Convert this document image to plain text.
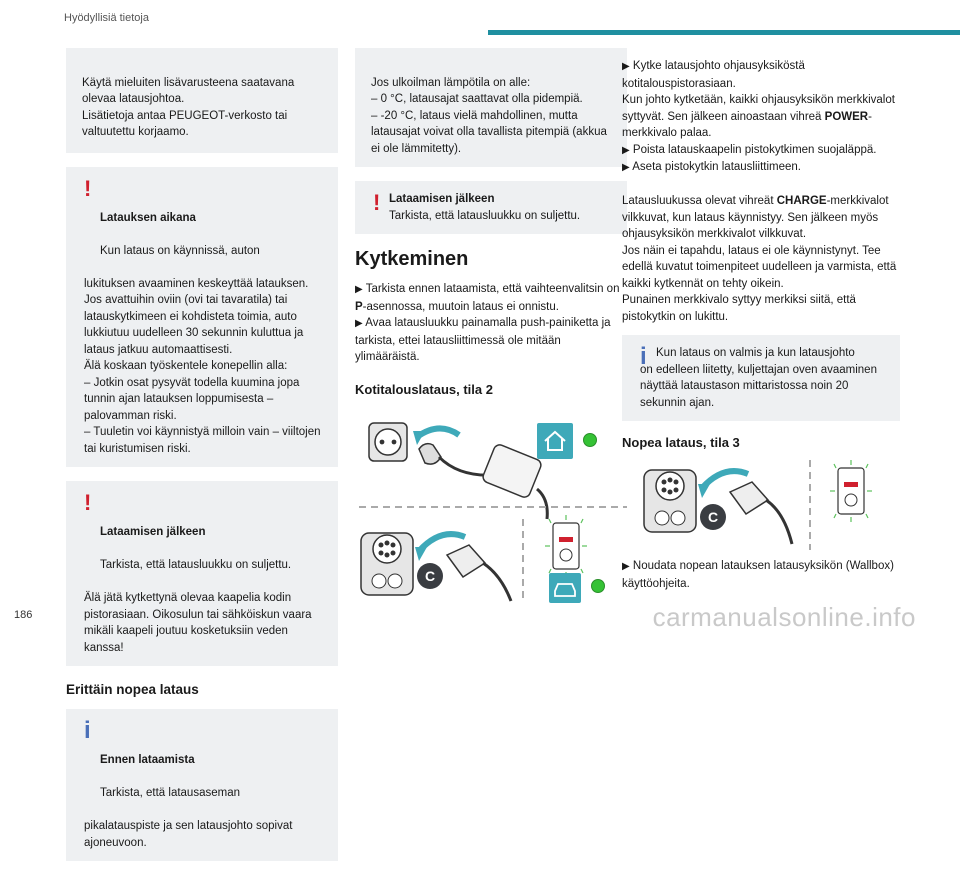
Hyödyllisiä tietoja

Käytä mieluiten lisävarusteena saatavana olevaa latausjohtoa.
Lisätietoja antaa PEUGEOT-verkosto tai valtuutettu korjaamo.

!

Latauksen aikana

Kun lataus on käynnissä, auton

lukituksen avaaminen keskeyttää latauksen. Jos avattuihin oviin (ovi tai tavaratila) tai latauskytkimeen ei kohdisteta toimia, auto lukkiutuu uudelleen 30 sekunnin kuluttua ja lataus jatkuu automaattisesti.
Älä koskaan työskentele konepellin alla:
– Jotkin osat pysyvät todella kuumina jopa tunnin ajan latauksen loppumisesta – palovamman riski.
– Tuuletin voi käynnistyä milloin vain – viiltojen tai kuristumisen riski.

!

Lataamisen jälkeen

Tarkista, että latausluukku on suljettu.

Älä jätä kytkettynä olevaa kaapelia kodin pistorasiaan. Oikosulun tai sähköiskun vaara mikäli kaapeli joutuu kosketuksiin veden kanssa!

Erittäin nopea lataus

i

Ennen lataamista

Tarkista, että latausaseman

pikalatauspiste ja sen latausjohto sopivat ajoneuvoon.

Jos ulkoilman lämpötila on alle:
– 0 °C, latausajat saattavat olla pidempiä.
– -20 °C, lataus vielä mahdollinen, mutta latausajat voivat olla tavallista pitempiä (akkua ei ole lämmitetty).

! Lataamisen jälkeen
Tarkista, että latausluukku on suljettu.
Kytkeminen

▶ Tarkista ennen lataamista, että vaihteenvalitsin on P-asennossa, muutoin lataus ei onnistu.

▶ Avaa latausluukku painamalla push-painiketta ja tarkista, ettei latausliittimessä ole mitään ylimääräistä.

Kotitalouslataus, tila 2
C

▶ Kytke latausjohto ohjausyksiköstä kotitalouspistorasiaan.

Kun johto kytketään, kaikki ohjausyksikön merkkivalot syttyvät. Sen jälkeen ainoastaan vihreä POWER-merkkivalo palaa.

▶ Poista latauskaapelin pistokytkimen suojaläppä.

▶ Aseta pistokytkin latausliittimeen.

Latausluukussa olevat vihreät CHARGE-merkkivalot vilkkuvat, kun lataus käynnistyy. Sen jälkeen myös ohjausyksikön merkkivalot vilkkuvat.
Jos näin ei tapahdu, lataus ei ole käynnistynyt. Tee edellä kuvatut toimenpiteet uudelleen ja varmista, että kaikki kytkennät on tehty oikein.
Punainen merkkivalo syttyy merkiksi siitä, että pistokytkin on lukittu.

i Kun lataus on valmis ja kun latausjohto
on edelleen liitetty, kuljettajan oven avaaminen näyttää lataustason mittaristossa noin 20 sekunnin ajan.
Nopea lataus, tila 3
C

▶ Noudata nopean latauksen latausyksikön (Wallbox) käyttöohjeita.

186	carmanualsonline.info
